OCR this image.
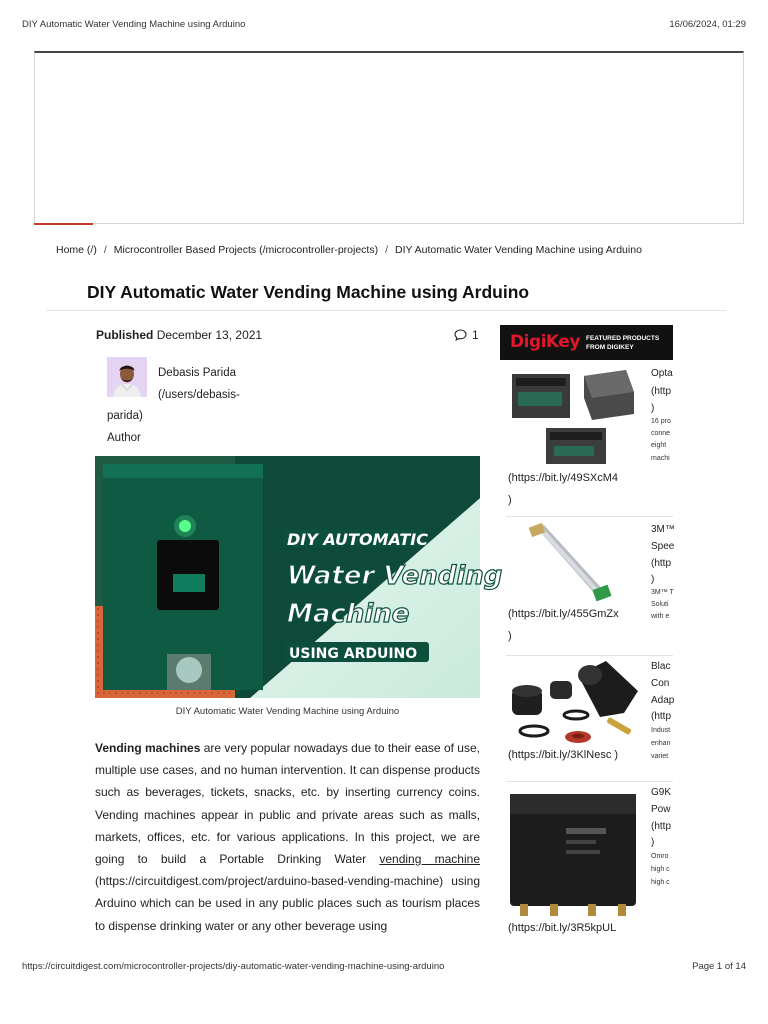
DIY Automatic Water Vending Machine using Arduino	16/06/2024, 01:29
Home (/) / Microcontroller Based Projects (/microcontroller-projects) / DIY Automatic Water Vending Machine using Arduino
DIY Automatic Water Vending Machine using Arduino
Published December 13, 2021	1
Debasis Parida
(/users/debasis-
parida)
Author
DIY AUTOMATIC
Water Vending
Machine
USING ARDUINO
DIY Automatic Water Vending Machine using Arduino

Vending machines are very popular nowadays due to their ease of use, multiple use cases, and no human intervention. It can dispense products such as beverages, tickets, snacks, etc. by inserting currency coins. Vending machines appear in public and private areas such as malls, markets, offices, etc. for various applications. In this project, we are going to build a Portable Drinking Water vending machine (https://circuitdigest.com/project/arduino-based-vending-machine) using Arduino which can be used in any public places such as tourism places to dispense drinking water or any other beverage using

DigiKey FEATURED PRODUCTS
FROM DIGIKEY
(https://bit.ly/49SXcM4
)
Opta
(http
)
16 pro
conne
eight
machi
(https://bit.ly/455GmZx
)
3M™
Spee
(http
)
3M™ T
Soluti
with e
(https://bit.ly/3KlNesc )
Blac
Con
Adap
(http
Indust
enhan
variet
(https://bit.ly/3R5kpUL
G9K
Pow
(http
)
Omro
high c
high c
https://circuitdigest.com/microcontroller-projects/diy-automatic-water-vending-machine-using-arduino	Page 1 of 14
